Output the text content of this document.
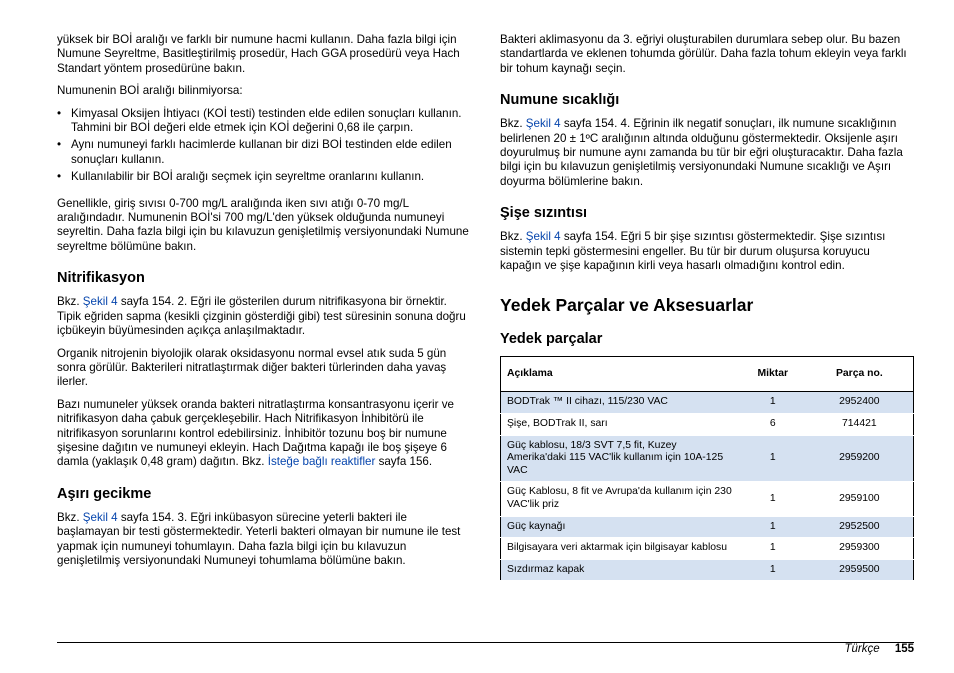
yüksek bir BOİ aralığı ve farklı bir numune hacmi kullanın. Daha fazla bilgi için Numune Seyreltme, Basitleştirilmiş prosedür, Hach GGA prosedürü veya Hach Standart yöntem prosedürüne bakın.

Numunenin BOİ aralığı bilinmiyorsa:

• Kimyasal Oksijen İhtiyacı (KOİ testi) testinden elde edilen sonuçları kullanın. Tahmini bir BOİ değeri elde etmek için KOİ değerini 0,68 ile çarpın.
• Aynı numuneyi farklı hacimlerde kullanan bir dizi BOİ testinden elde edilen sonuçları kullanın.
• Kullanılabilir bir BOİ aralığı seçmek için seyreltme oranlarını kullanın.

Genellikle, giriş sıvısı 0-700 mg/L aralığında iken sıvı atığı 0-70 mg/L aralığındadır. Numunenin BOİ'si 700 mg/L'den yüksek olduğunda numuneyi seyreltin. Daha fazla bilgi için bu kılavuzun genişletilmiş versiyonundaki Numune seyreltme bölümüne bakın.

Nitrifikasyon

Bkz. Şekil 4 sayfa 154. 2. Eğri ile gösterilen durum nitrifikasyona bir örnektir. Tipik eğriden sapma (kesikli çizginin gösterdiği gibi) test süresinin sonuna doğru içbükeyin büyümesinden açıkça anlaşılmaktadır.

Organik nitrojenin biyolojik olarak oksidasyonu normal evsel atık suda 5 gün sonra görülür. Bakterileri nitratlaştırmak diğer bakteri türlerinden daha yavaş ilerler.

Bazı numuneler yüksek oranda bakteri nitratlaştırma konsantrasyonu içerir ve nitrifikasyon daha çabuk gerçekleşebilir. Hach Nitrifikasyon İnhibitörü ile nitrifikasyon sorunlarını kontrol edebilirsiniz. İnhibitör tozunu boş bir numune şişesine dağıtın ve numuneyi ekleyin. Hach Dağıtma kapağı ile boş şişeye 6 damla (yaklaşık 0,48 gram) dağıtın. Bkz. İsteğe bağlı reaktifler sayfa 156.

Aşırı gecikme

Bkz. Şekil 4 sayfa 154. 3. Eğri inkübasyon sürecine yeterli bakteri ile başlamayan bir testi göstermektedir. Yeterli bakteri olmayan bir numune ile test yapmak için numuneyi tohumlayın. Daha fazla bilgi için bu kılavuzun genişletilmiş versiyonundaki Numuneyi tohumlama bölümüne bakın.

Bakteri aklimasyonu da 3. eğriyi oluşturabilen durumlara sebep olur. Bu bazen standartlarda ve eklenen tohumda görülür. Daha fazla tohum ekleyin veya farklı bir tohum kaynağı seçin.

Numune sıcaklığı

Bkz. Şekil 4 sayfa 154. 4. Eğrinin ilk negatif sonuçları, ilk numune sıcaklığının belirlenen 20 ± 1ºC aralığının altında olduğunu göstermektedir. Oksijenle aşırı doyurulmuş bir numune aynı zamanda bu tür bir eğri oluşturacaktır. Daha fazla bilgi için bu kılavuzun genişletilmiş versiyonundaki Numune sıcaklığı ve Aşırı doyurma bölümlerine bakın.

Şişe sızıntısı

Bkz. Şekil 4 sayfa 154. Eğri 5 bir şişe sızıntısı göstermektedir. Şişe sızıntısı sistemin tepki göstermesini engeller. Bu tür bir durum oluşursa koruyucu kapağın ve şişe kapağının kirli veya hasarlı olmadığını kontrol edin.

Yedek Parçalar ve Aksesuarlar
Yedek parçalar
Açıklama	Miktar	Parça no.
BODTrak ™ II cihazı, 115/230 VAC	1	2952400
Şişe, BODTrak II, sarı	6	714421
Güç kablosu, 18/3 SVT 7,5 fit, Kuzey Amerika'daki 115 VAC'lik kullanım için 10A-125 VAC	1	2959200
Güç Kablosu, 8 fit ve Avrupa'da kullanım için 230 VAC'lik priz	1	2959100
Güç kaynağı	1	2952500
Bilgisayara veri aktarmak için bilgisayar kablosu	1	2959300
Sızdırmaz kapak	1	2959500
Türkçe 155
